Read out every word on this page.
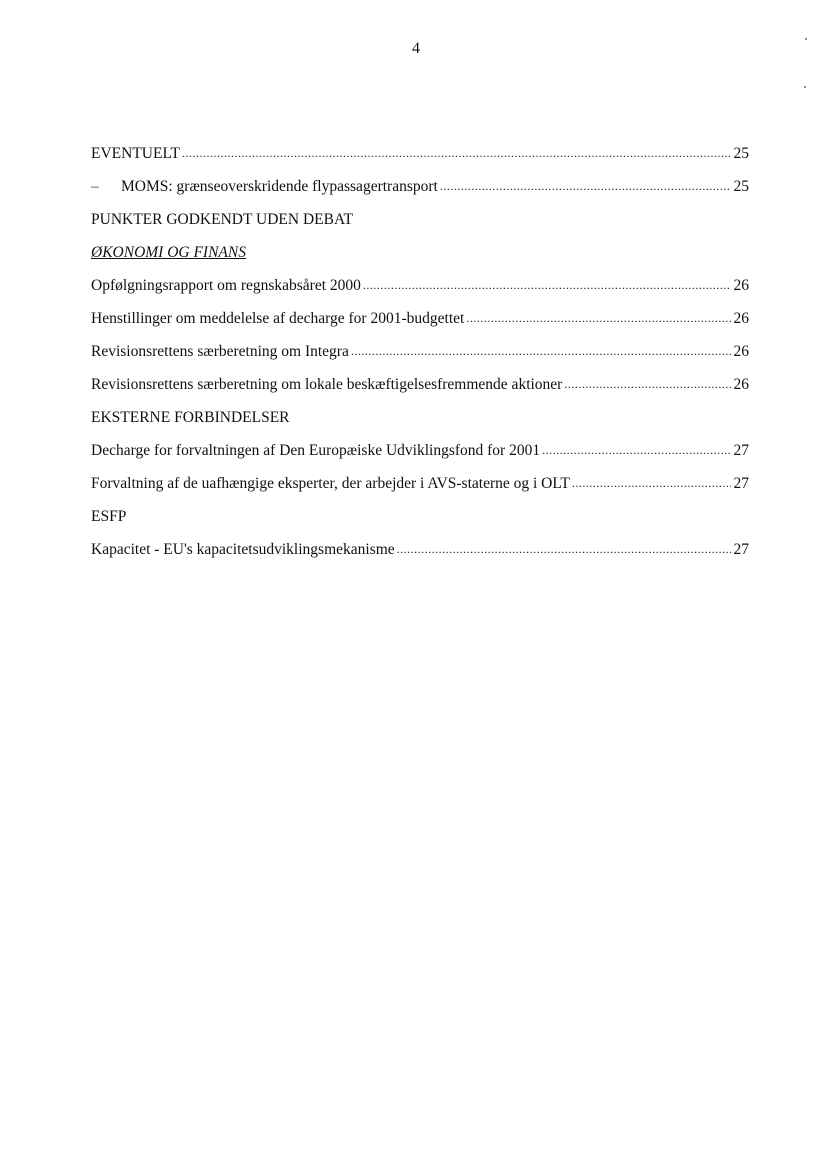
4
EVENTUELT .....	25
–	MOMS: grænseoverskridende flypassagertransport .....	25
PUNKTER GODKENDT UDEN DEBAT
ØKONOMI OG FINANS
Opfølgningsrapport om regnskabsåret 2000 .....	26
Henstillinger om meddelelse af decharge for 2001-budgettet .....	26
Revisionsrettens særberetning om Integra .....	26
Revisionsrettens særberetning om lokale beskæftigelsesfremmende aktioner .....	26
EKSTERNE FORBINDELSER
Decharge for forvaltningen af Den Europæiske Udviklingsfond for 2001 .....	27
Forvaltning af de uafhængige eksperter, der arbejder i AVS-staterne og i OLT .....	27
ESFP
Kapacitet - EU's kapacitetsudviklingsmekanisme .....	27
